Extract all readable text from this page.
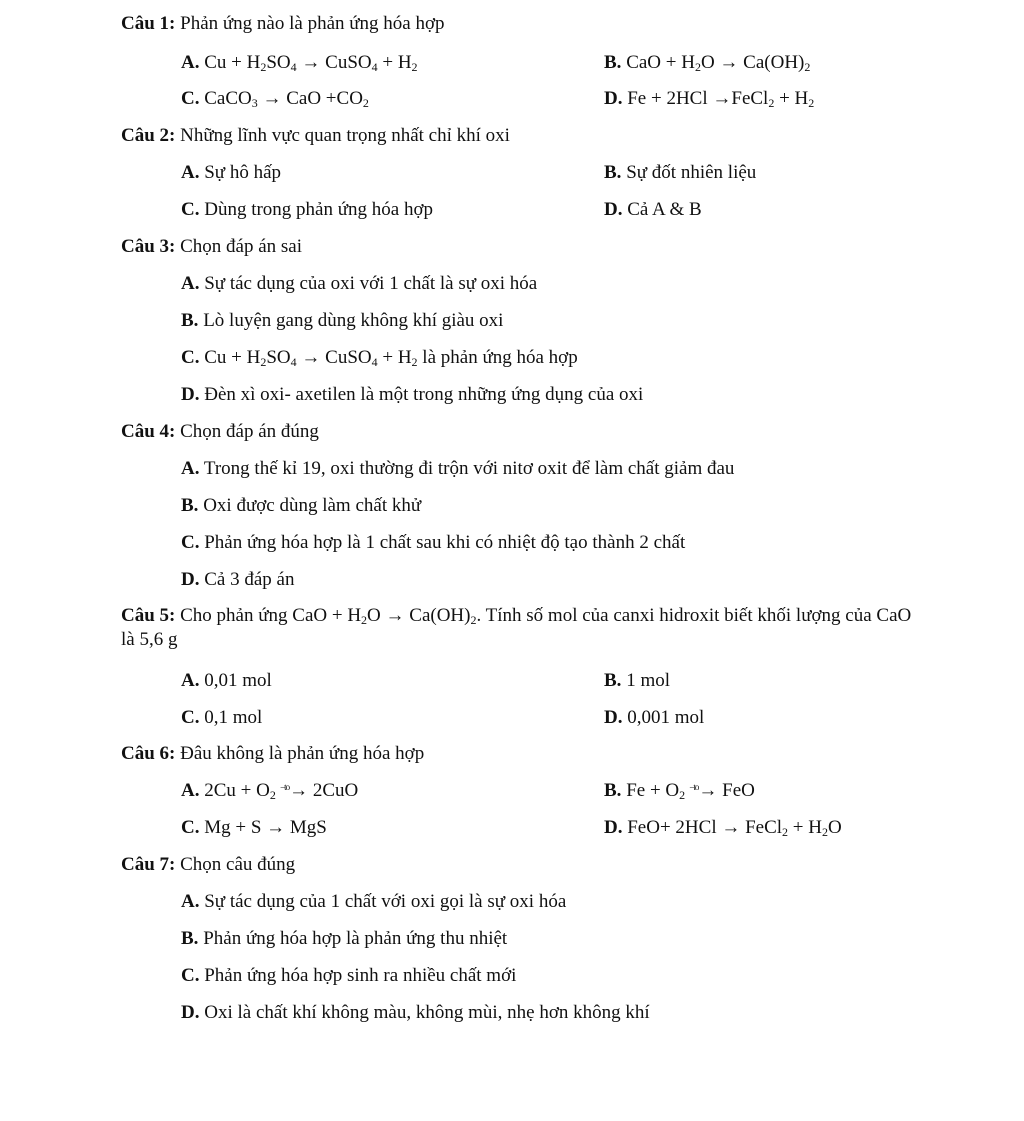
Câu 1: Phản ứng nào là phản ứng hóa hợp
A. $Cu + H_2SO_4$ → CuSO$_4$ + $H_2$	B. CaO + $H_2O \to Ca(OH)_2$
C. CaCO$_3$ → CaO $+CO_2$	D. Fe + 2HCl →FeCl$_2$ + $H_2$
Câu 2: Những lĩnh vực quan trọng nhất chỉ khí oxi
A. Sự hô hấp	B. Sự đốt nhiên liệu
C. Dùng trong phản ứng hóa hợp	D. Cả A & B
Câu 3: Chọn đáp án sai
A. Sự tác dụng của oxi với 1 chất là sự oxi hóa
B. Lò luyện gang dùng không khí giàu oxi
C. $Cu + H_2SO_4$ → CuSO$_4$ + $H_2$ là phản ứng hóa hợp
D. Đèn xì oxi- axetilen là một trong những ứng dụng của oxi
Câu 4: Chọn đáp án đúng
A. Trong thế kỉ 19, oxi thường đi trộn với nitơ oxit để làm chất giảm đau
B. Oxi được dùng làm chất khử
C. Phản ứng hóa hợp là 1 chất sau khi có nhiệt độ tạo thành 2 chất
D. Cả 3 đáp án
Câu 5: Cho phản ứng CaO + $H_2O \to Ca(OH)_2$. Tính số mol của canxi hidroxit biết khối lượng của CaO là 5,6 g
A. 0,01 mol	B. 1 mol
C. 0,1 mol	D. 0,001 mol
Câu 6: Đâu không là phản ứng hóa hợp
A. $2Cu + O_2$ $^{-to}$→ 2CuO	B. $Fe + O_2$ $^{-to}$→ FeO
C. Mg + S → MgS	D. FeO+ 2HCl → FeCl$_2$ + $H_2O$
Câu 7: Chọn câu đúng
A. Sự tác dụng của 1 chất với oxi gọi là sự oxi hóa
B. Phản ứng hóa hợp là phản ứng thu nhiệt
C. Phản ứng hóa hợp sinh ra nhiều chất mới
D. Oxi là chất khí không màu, không mùi, nhẹ hơn không khí
